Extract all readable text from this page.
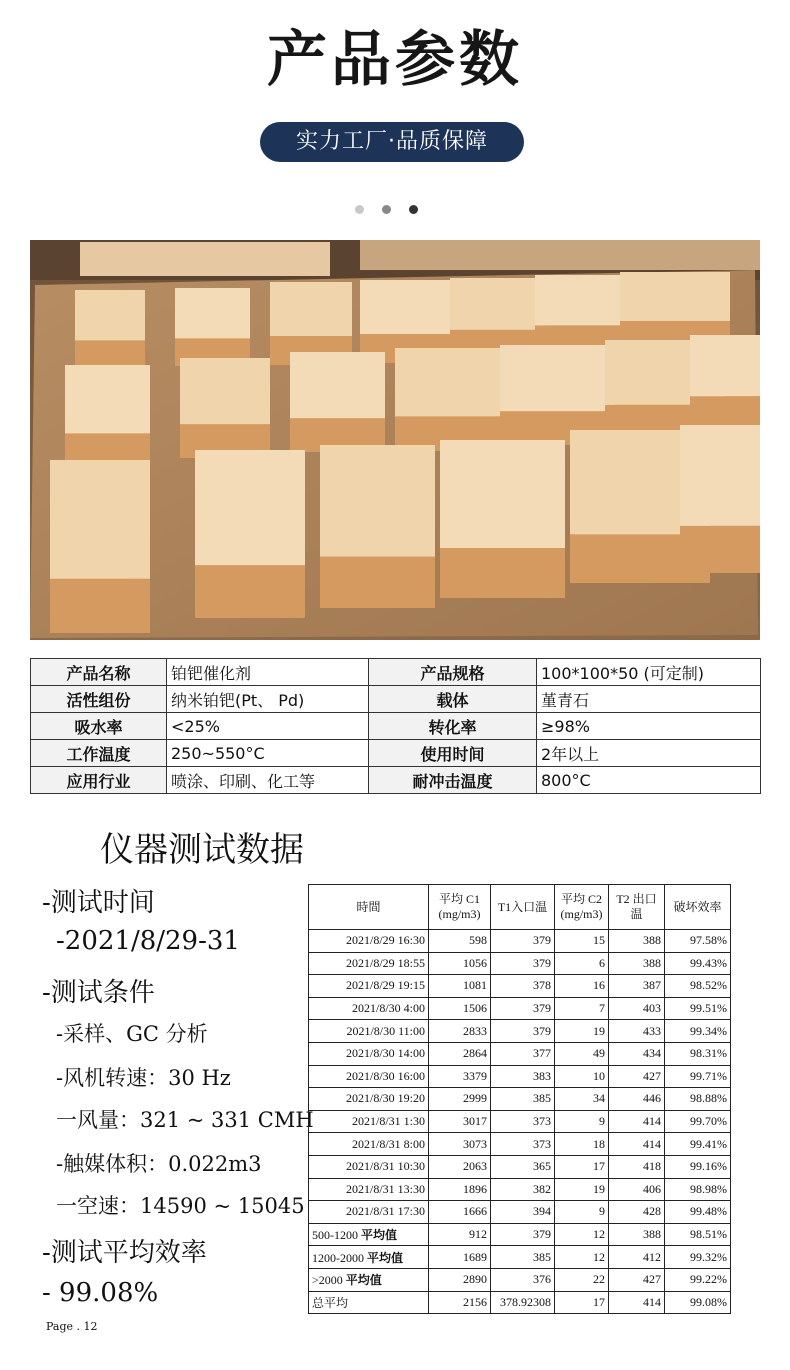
产品参数
实力工厂·品质保障
产品名称	铂钯催化剂	产品规格	100*100*50 (可定制)
活性组份	纳米铂钯(Pt、 Pd)	载体	堇青石
吸水率	<25%	转化率	≥98%
工作温度	250~550°C	使用时间	2年以上
应用行业	喷涂、印刷、化工等	耐冲击温度	800°C
仪器测试数据
-测试时间
-2021/8/29-31
-测试条件
-采样、GC 分析
-风机转速：30 Hz
一风量：321 ~ 331 CMH
-触媒体积：0.022m3
一空速：14590 ~ 15045
-测试平均效率
- 99.08%
Page . 12
時間	平均 C1 (mg/m3)	T1入口温	平均 C2 (mg/m3)	T2 出口 温	破坏效率
2021/8/29 16:30	598	379	15	388	97.58%
2021/8/29 18:55	1056	379	6	388	99.43%
2021/8/29 19:15	1081	378	16	387	98.52%
2021/8/30 4:00	1506	379	7	403	99.51%
2021/8/30 11:00	2833	379	19	433	99.34%
2021/8/30 14:00	2864	377	49	434	98.31%
2021/8/30 16:00	3379	383	10	427	99.71%
2021/8/30 19:20	2999	385	34	446	98.88%
2021/8/31 1:30	3017	373	9	414	99.70%
2021/8/31 8:00	3073	373	18	414	99.41%
2021/8/31 10:30	2063	365	17	418	99.16%
2021/8/31 13:30	1896	382	19	406	98.98%
2021/8/31 17:30	1666	394	9	428	99.48%
500-1200 平均值	912	379	12	388	98.51%
1200-2000 平均值	1689	385	12	412	99.32%
>2000 平均值	2890	376	22	427	99.22%
总平均	2156	378.92308	17	414	99.08%
